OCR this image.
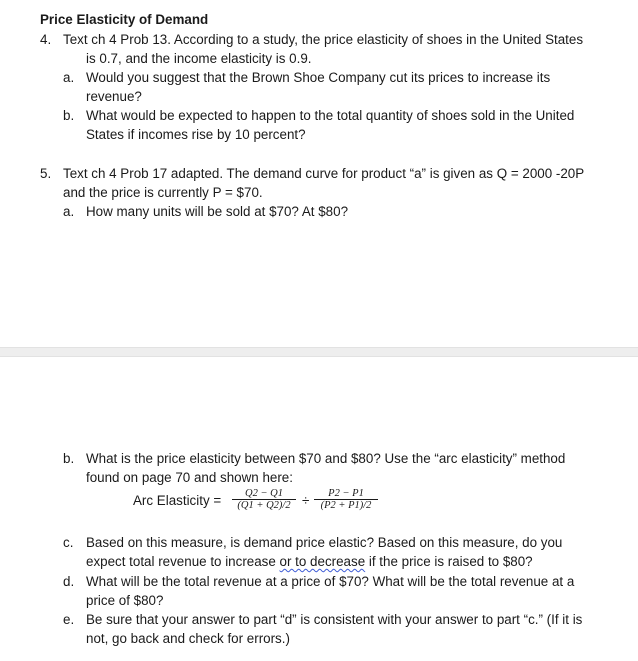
Price Elasticity of Demand
4. Text ch 4 Prob 13. According to a study, the price elasticity of shoes in the United States
is 0.7, and the income elasticity is 0.9.
a. Would you suggest that the Brown Shoe Company cut its prices to increase its
revenue?
b. What would be expected to happen to the total quantity of shoes sold in the United
States if incomes rise by 10 percent?
5. Text ch 4 Prob 17 adapted. The demand curve for product “a” is given as Q = 2000 -20P
and the price is currently P = $70.
a. How many units will be sold at $70? At $80?
b. What is the price elasticity between $70 and $80? Use the “arc elasticity” method
found on page 70 and shown here:
Arc Elasticity = $\frac{Q2 - Q1}{(Q1 + Q2)/2} \div \frac{P2 - P1}{(P2 + P1)/2}$
c. Based on this measure, is demand price elastic? Based on this measure, do you
expect total revenue to increase or to decrease if the price is raised to $80?
d. What will be the total revenue at a price of $70? What will be the total revenue at a
price of $80?
e. Be sure that your answer to part “d” is consistent with your answer to part “c.” (If it is
not, go back and check for errors.)
